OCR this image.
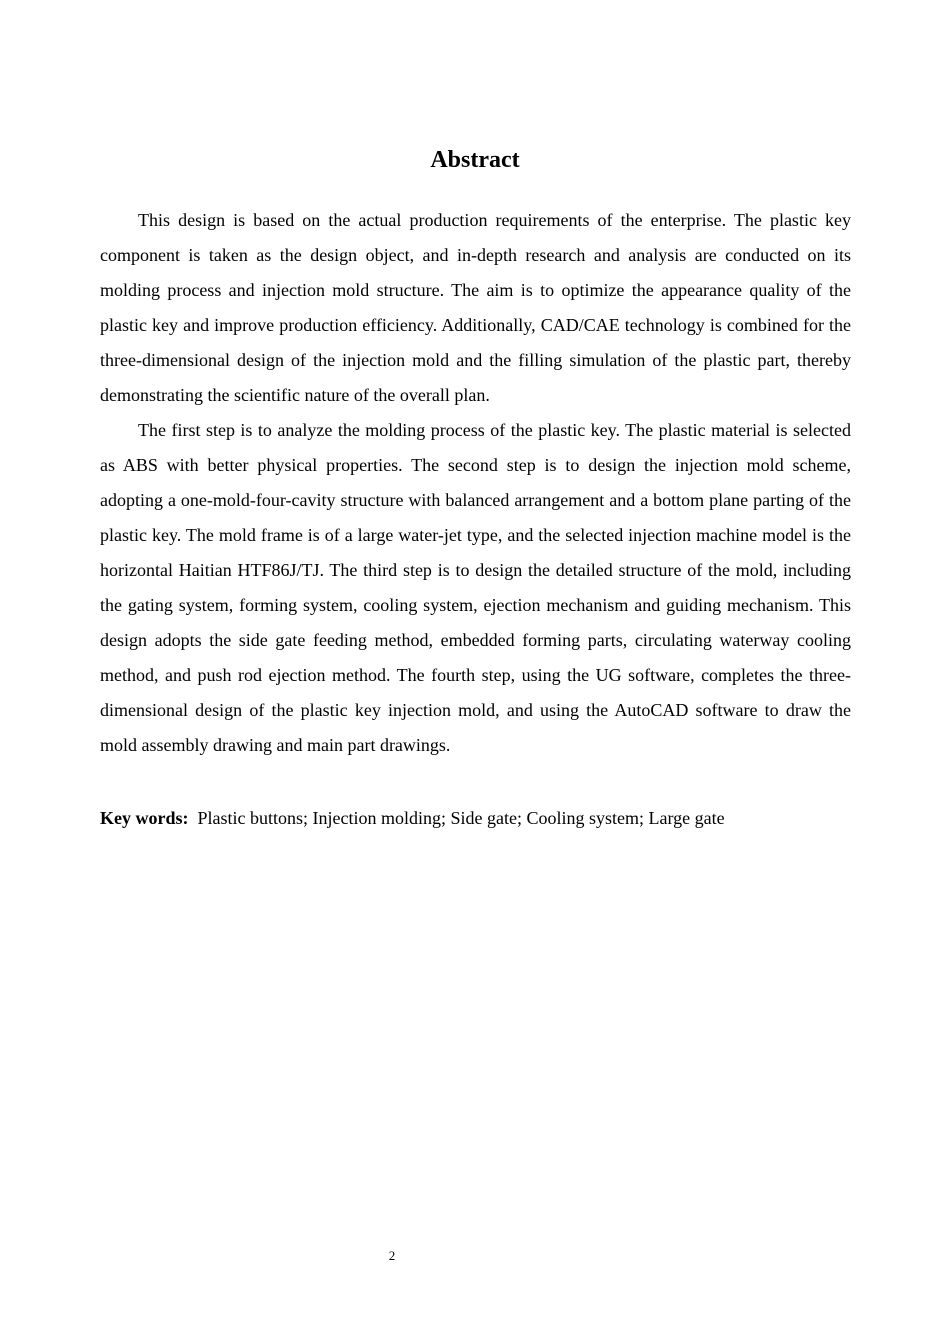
Abstract

This design is based on the actual production requirements of the enterprise. The plastic key component is taken as the design object, and in-depth research and analysis are conducted on its molding process and injection mold structure. The aim is to optimize the appearance quality of the plastic key and improve production efficiency. Additionally, CAD/CAE technology is combined for the three-dimensional design of the injection mold and the filling simulation of the plastic part, thereby demonstrating the scientific nature of the overall plan.

The first step is to analyze the molding process of the plastic key. The plastic material is selected as ABS with better physical properties. The second step is to design the injection mold scheme, adopting a one-mold-four-cavity structure with balanced arrangement and a bottom plane parting of the plastic key. The mold frame is of a large water-jet type, and the selected injection machine model is the horizontal Haitian HTF86J/TJ. The third step is to design the detailed structure of the mold, including the gating system, forming system, cooling system, ejection mechanism and guiding mechanism. This design adopts the side gate feeding method, embedded forming parts, circulating waterway cooling method, and push rod ejection method. The fourth step, using the UG software, completes the three-dimensional design of the plastic key injection mold, and using the AutoCAD software to draw the mold assembly drawing and main part drawings.

Key words: Plastic buttons; Injection molding; Side gate; Cooling system; Large gate
2
